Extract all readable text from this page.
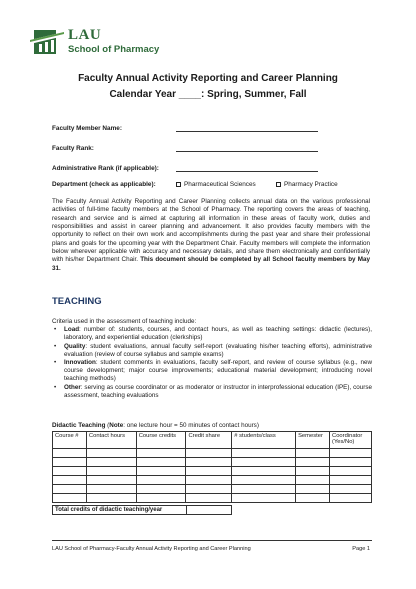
LAU
School of Pharmacy
Faculty Annual Activity Reporting and Career Planning
Calendar Year ____: Spring, Summer, Fall
Faculty Member Name:
Faculty Rank:
Administrative Rank (if applicable):
Department (check as applicable):	Pharmaceutical Sciences	Pharmacy Practice
The Faculty Annual Activity Reporting and Career Planning collects annual data on the various professional activities of full-time faculty members at the School of Pharmacy. The reporting covers the areas of teaching, research and service and is aimed at capturing all information in these areas of faculty work, duties and responsibilities and assist in career planning and advancement. It also provides faculty members with the opportunity to reflect on their own work and accomplishments during the past year and share their professional plans and goals for the upcoming year with the Department Chair. Faculty members will complete the information below wherever applicable with accuracy and necessary details, and share them electronically and confidentially with his/her Department Chair. This document should be completed by all School faculty members by May 31.
TEACHING
Criteria used in the assessment of teaching include:
• Load: number of: students, courses, and contact hours, as well as teaching settings: didactic (lectures), laboratory, and experiential education (clerkships)
• Quality: student evaluations, annual faculty self-report (evaluating his/her teaching efforts), administrative evaluation (review of course syllabus and sample exams)
• Innovation: student comments in evaluations, faculty self-report, and review of course syllabus (e.g., new course development; major course improvements; educational material development; introducing novel teaching methods)
• Other: serving as course coordinator or as moderator or instructor in interprofessional education (IPE), course assessment, teaching evaluations
Didactic Teaching (Note: one lecture hour = 50 minutes of contact hours)
Course #	Contact hours	Course credits	Credit share	# students/class	Semester	Coordinator (Yes/No)

Total credits of didactic teaching/year
LAU School of Pharmacy-Faculty Annual Activity Reporting and Career Planning	Page 1
